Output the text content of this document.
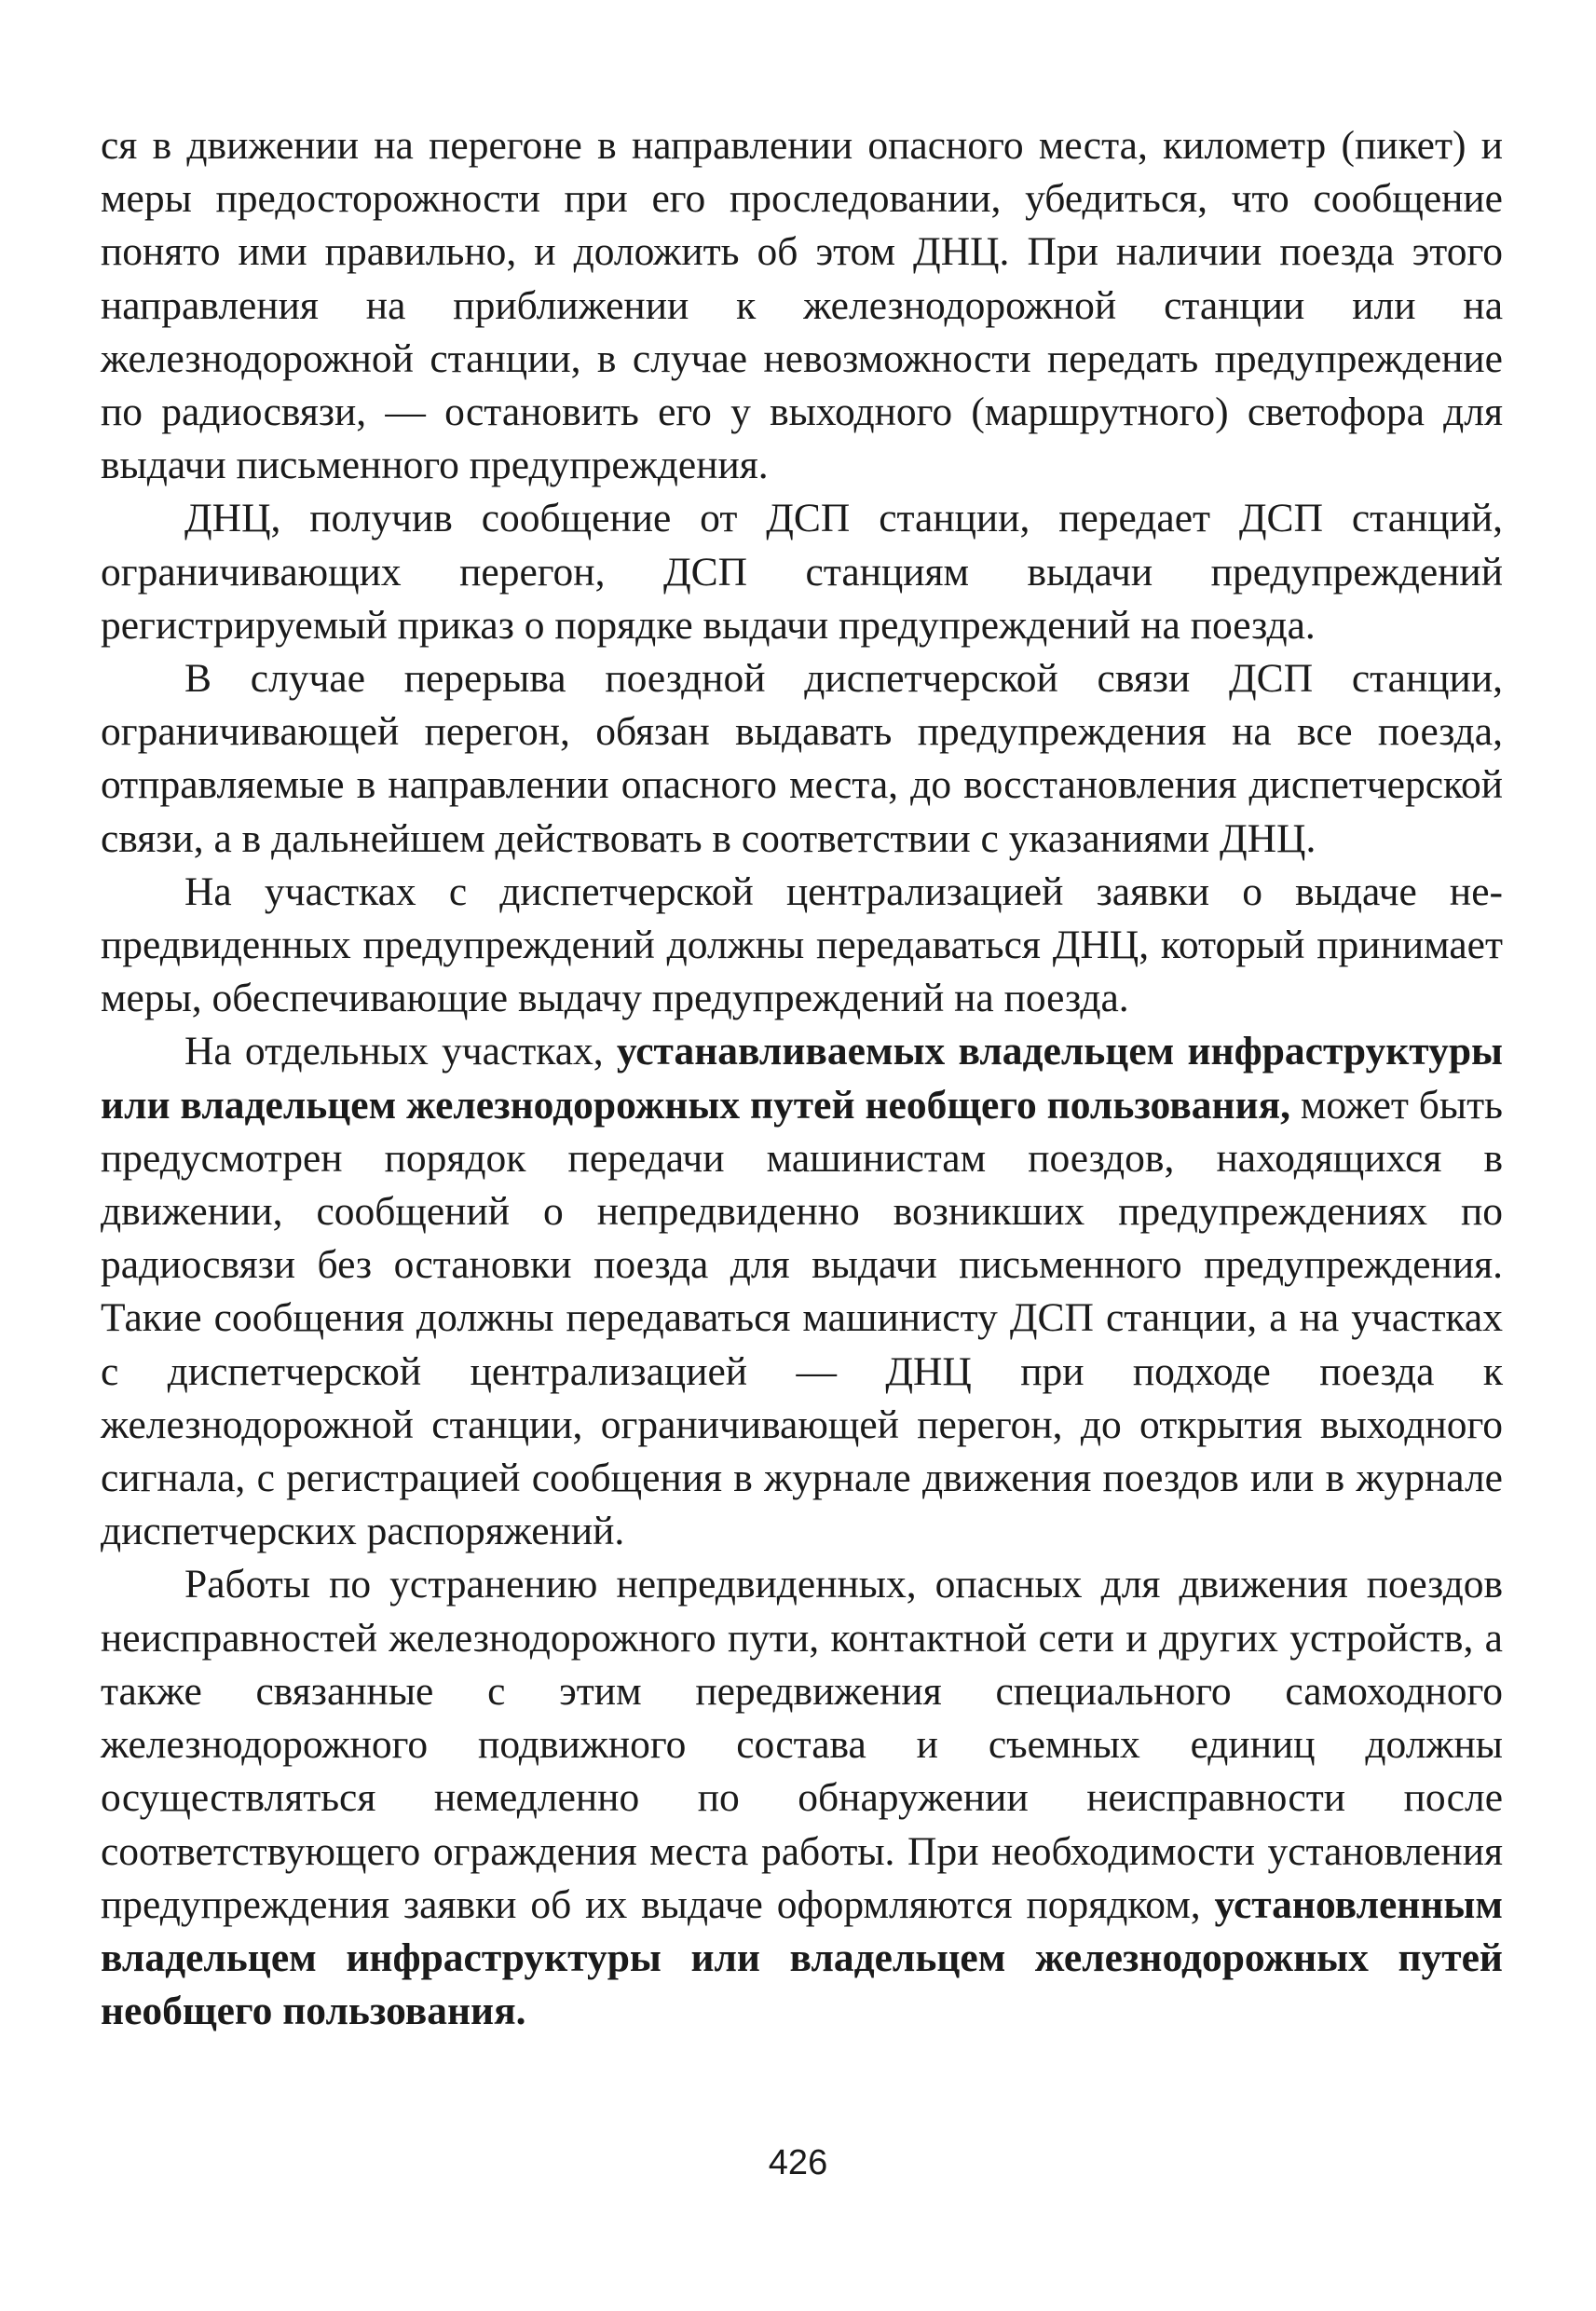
ся в движении на перегоне в направлении опасного места, километр (пикет) и меры предосторожности при его проследовании, убедиться, что сообщение понято ими правильно, и доложить об этом ДНЦ. При наличии поезда этого направления на приближении к железнодорожной станции или на железнодорожной станции, в случае невозможности передать предупреждение по радиосвязи, — остановить его у выходного (маршрутного) светофора для выдачи письменного предупреждения.

ДНЦ, получив сообщение от ДСП станции, передает ДСП станций, ограничивающих перегон, ДСП станциям выдачи предупреждений регистрируемый приказ о порядке выдачи предупреждений на поезда.

В случае перерыва поездной диспетчерской связи ДСП станции, ограничивающей перегон, обязан выдавать предупреждения на все поезда, отправляемые в направлении опасного места, до восстановления диспетчерской связи, а в дальнейшем действовать в соответствии с указаниями ДНЦ.

На участках с диспетчерской централизацией заявки о выдаче непредвиденных предупреждений должны передаваться ДНЦ, который принимает меры, обеспечивающие выдачу предупреждений на поезда.

На отдельных участках, устанавливаемых владельцем инфраструктуры или владельцем железнодорожных путей необщего пользования, может быть предусмотрен порядок передачи машинистам поездов, находящихся в движении, сообщений о непредвиденно возникших предупреждениях по радиосвязи без остановки поезда для выдачи письменного предупреждения. Такие сообщения должны передаваться машинисту ДСП станции, а на участках с диспетчерской централизацией — ДНЦ при подходе поезда к железнодорожной станции, ограничивающей перегон, до открытия выходного сигнала, с регистрацией сообщения в журнале движения поездов или в журнале диспетчерских распоряжений.

Работы по устранению непредвиденных, опасных для движения поездов неисправностей железнодорожного пути, контактной сети и других устройств, а также связанные с этим передвижения специального самоходного железнодорожного подвижного состава и съемных единиц должны осуществляться немедленно по обнаружении неисправности после соответствующего ограждения места работы. При необходимости установления предупреждения заявки об их выдаче оформляются порядком, установленным владельцем инфраструктуры или владельцем железнодорожных путей необщего пользования.

426
